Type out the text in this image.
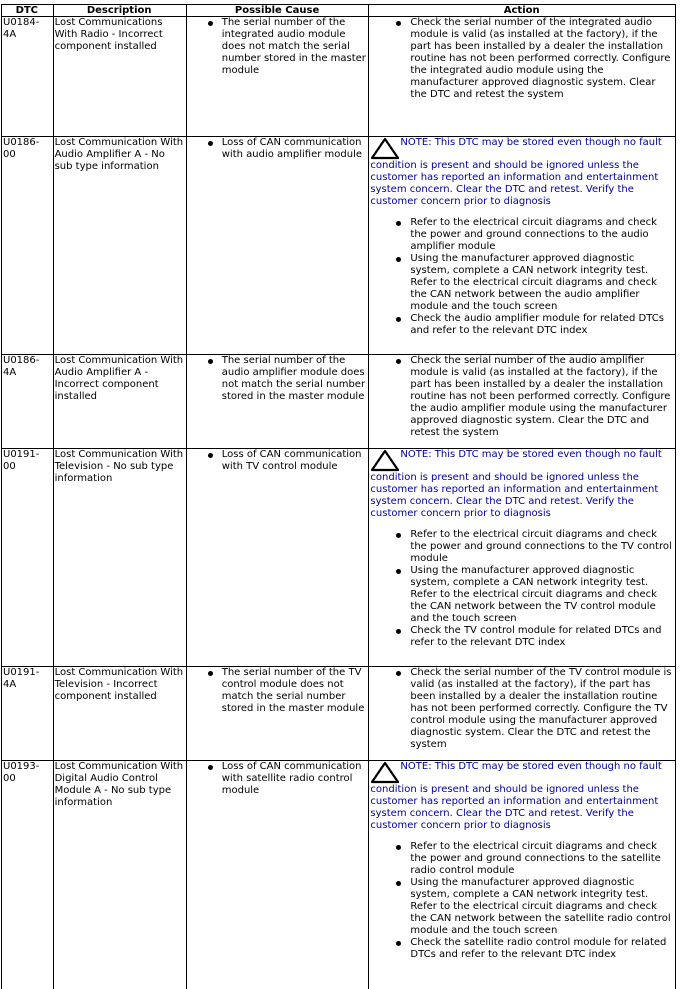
DTC	Description	Possible Cause	Action
U0184-4A	Lost Communications With Radio - Incorrect component installed	The serial number of the integrated audio module does not match the serial number stored in the master module	Check the serial number of the integrated audio module is valid (as installed at the factory), if the part has been installed by a dealer the installation routine has not been performed correctly. Configure the integrated audio module using the manufacturer approved diagnostic system. Clear the DTC and retest the system

U0186-00	Lost Communication With Audio Amplifier A - No sub type information	Loss of CAN communication with audio amplifier module	NOTE: This DTC may be stored even though no fault condition is present and should be ignored unless the customer has reported an information and entertainment system concern. Clear the DTC and retest. Verify the customer concern prior to diagnosis

Refer to the electrical circuit diagrams and check the power and ground connections to the audio amplifier module
Using the manufacturer approved diagnostic system, complete a CAN network integrity test. Refer to the electrical circuit diagrams and check the CAN network between the audio amplifier module and the touch screen
Check the audio amplifier module for related DTCs and refer to the relevant DTC index

U0186-4A	Lost Communication With Audio Amplifier A - Incorrect component installed	The serial number of the audio amplifier module does not match the serial number stored in the master module	Check the serial number of the audio amplifier module is valid (as installed at the factory), if the part has been installed by a dealer the installation routine has not been performed correctly. Configure the audio amplifier module using the manufacturer approved diagnostic system. Clear the DTC and retest the system

U0191-00	Lost Communication With Television - No sub type information	Loss of CAN communication with TV control module	NOTE: This DTC may be stored even though no fault condition is present and should be ignored unless the customer has reported an information and entertainment system concern. Clear the DTC and retest. Verify the customer concern prior to diagnosis

Refer to the electrical circuit diagrams and check the power and ground connections to the TV control module
Using the manufacturer approved diagnostic system, complete a CAN network integrity test. Refer to the electrical circuit diagrams and check the CAN network between the TV control module and the touch screen
Check the TV control module for related DTCs and refer to the relevant DTC index

U0191-4A	Lost Communication With Television - Incorrect component installed	The serial number of the TV control module does not match the serial number stored in the master module	Check the serial number of the TV control module is valid (as installed at the factory), if the part has been installed by a dealer the installation routine has not been performed correctly. Configure the TV control module using the manufacturer approved diagnostic system. Clear the DTC and retest the system

U0193-00	Lost Communication With Digital Audio Control Module A - No sub type information	Loss of CAN communication with satellite radio control module	NOTE: This DTC may be stored even though no fault condition is present and should be ignored unless the customer has reported an information and entertainment system concern. Clear the DTC and retest. Verify the customer concern prior to diagnosis

Refer to the electrical circuit diagrams and check the power and ground connections to the satellite radio control module
Using the manufacturer approved diagnostic system, complete a CAN network integrity test. Refer to the electrical circuit diagrams and check the CAN network between the satellite radio control module and the touch screen
Check the satellite radio control module for related DTCs and refer to the relevant DTC index
